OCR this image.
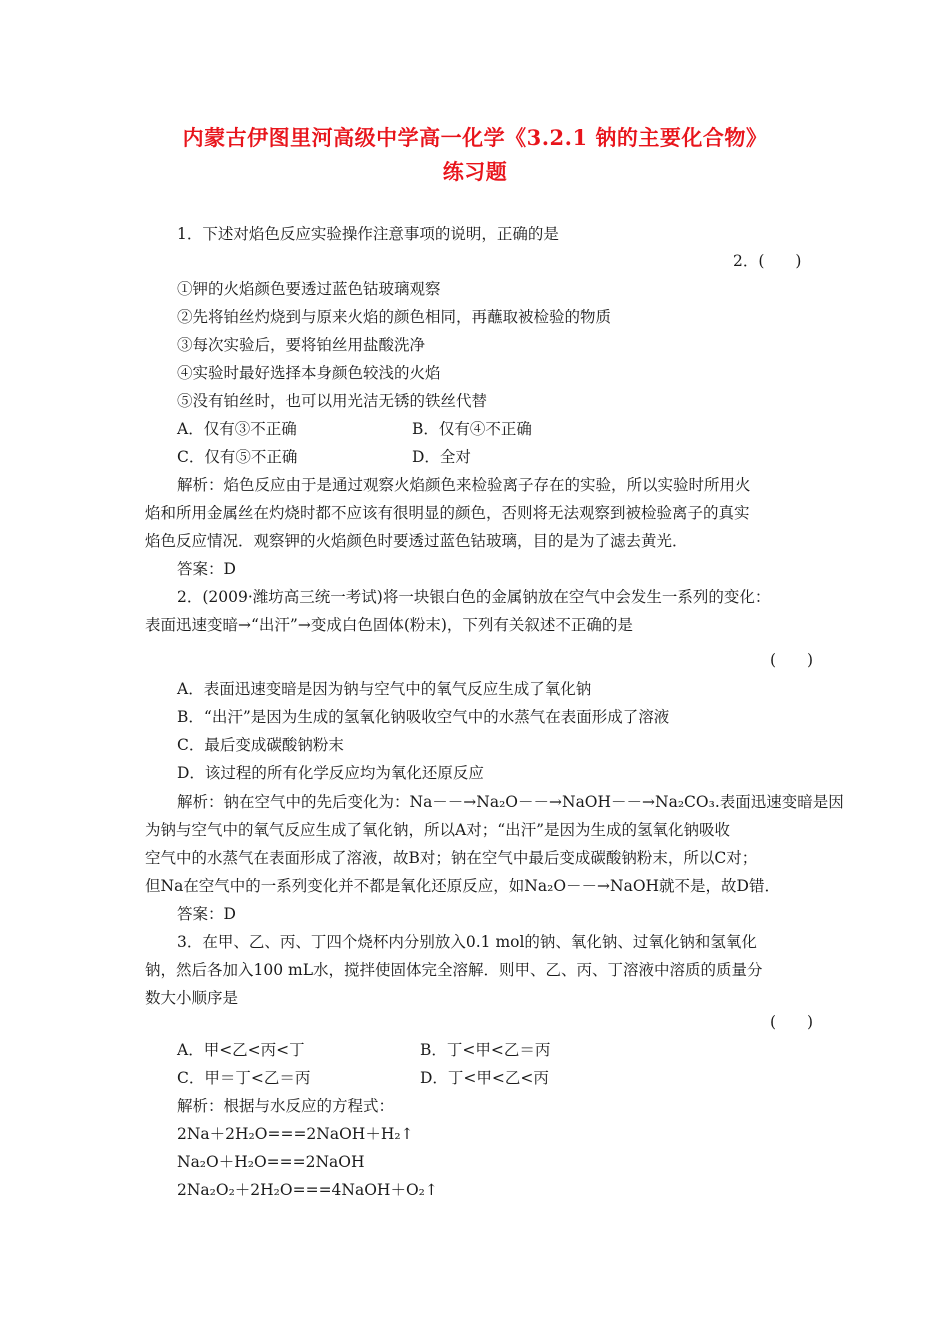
内蒙古伊图里河高级中学高一化学《3.2.1 钠的主要化合物》
练习题
1．下述对焰色反应实验操作注意事项的说明，正确的是
2．(　　)
①钾的火焰颜色要透过蓝色钴玻璃观察
②先将铂丝灼烧到与原来火焰的颜色相同，再蘸取被检验的物质
③每次实验后，要将铂丝用盐酸洗净
④实验时最好选择本身颜色较浅的火焰
⑤没有铂丝时，也可以用光洁无锈的铁丝代替
A．仅有③不正确	B．仅有④不正确
C．仅有⑤不正确	D．全对
解析：焰色反应由于是通过观察火焰颜色来检验离子存在的实验，所以实验时所用火
焰和所用金属丝在灼烧时都不应该有很明显的颜色，否则将无法观察到被检验离子的真实
焰色反应情况．观察钾的火焰颜色时要透过蓝色钴玻璃，目的是为了滤去黄光．
答案：D
2．(2009·潍坊高三统一考试)将一块银白色的金属钠放在空气中会发生一系列的变化：
表面迅速变暗→“出汗”→变成白色固体(粉末)，下列有关叙述不正确的是
(　　)
A．表面迅速变暗是因为钠与空气中的氧气反应生成了氧化钠
B．“出汗”是因为生成的氢氧化钠吸收空气中的水蒸气在表面形成了溶液
C．最后变成碳酸钠粉末
D．该过程的所有化学反应均为氧化还原反应
解析：钠在空气中的先后变化为：Na－－→Na₂O－－→NaOH－－→Na₂CO₃.表面迅速变暗是因
为钠与空气中的氧气反应生成了氧化钠，所以A对；“出汗”是因为生成的氢氧化钠吸收
空气中的水蒸气在表面形成了溶液，故B对；钠在空气中最后变成碳酸钠粉末，所以C对；
但Na在空气中的一系列变化并不都是氧化还原反应，如Na₂O－－→NaOH就不是，故D错．
答案：D
3．在甲、乙、丙、丁四个烧杯内分别放入0.1 mol的钠、氧化钠、过氧化钠和氢氧化
钠，然后各加入100 mL水，搅拌使固体完全溶解．则甲、乙、丙、丁溶液中溶质的质量分
数大小顺序是
(　　)
A．甲<乙<丙<丁	B．丁<甲<乙＝丙
C．甲＝丁<乙＝丙	D．丁<甲<乙<丙
解析：根据与水反应的方程式：
2Na＋2H₂O===2NaOH＋H₂↑
Na₂O＋H₂O===2NaOH
2Na₂O₂＋2H₂O===4NaOH＋O₂↑
